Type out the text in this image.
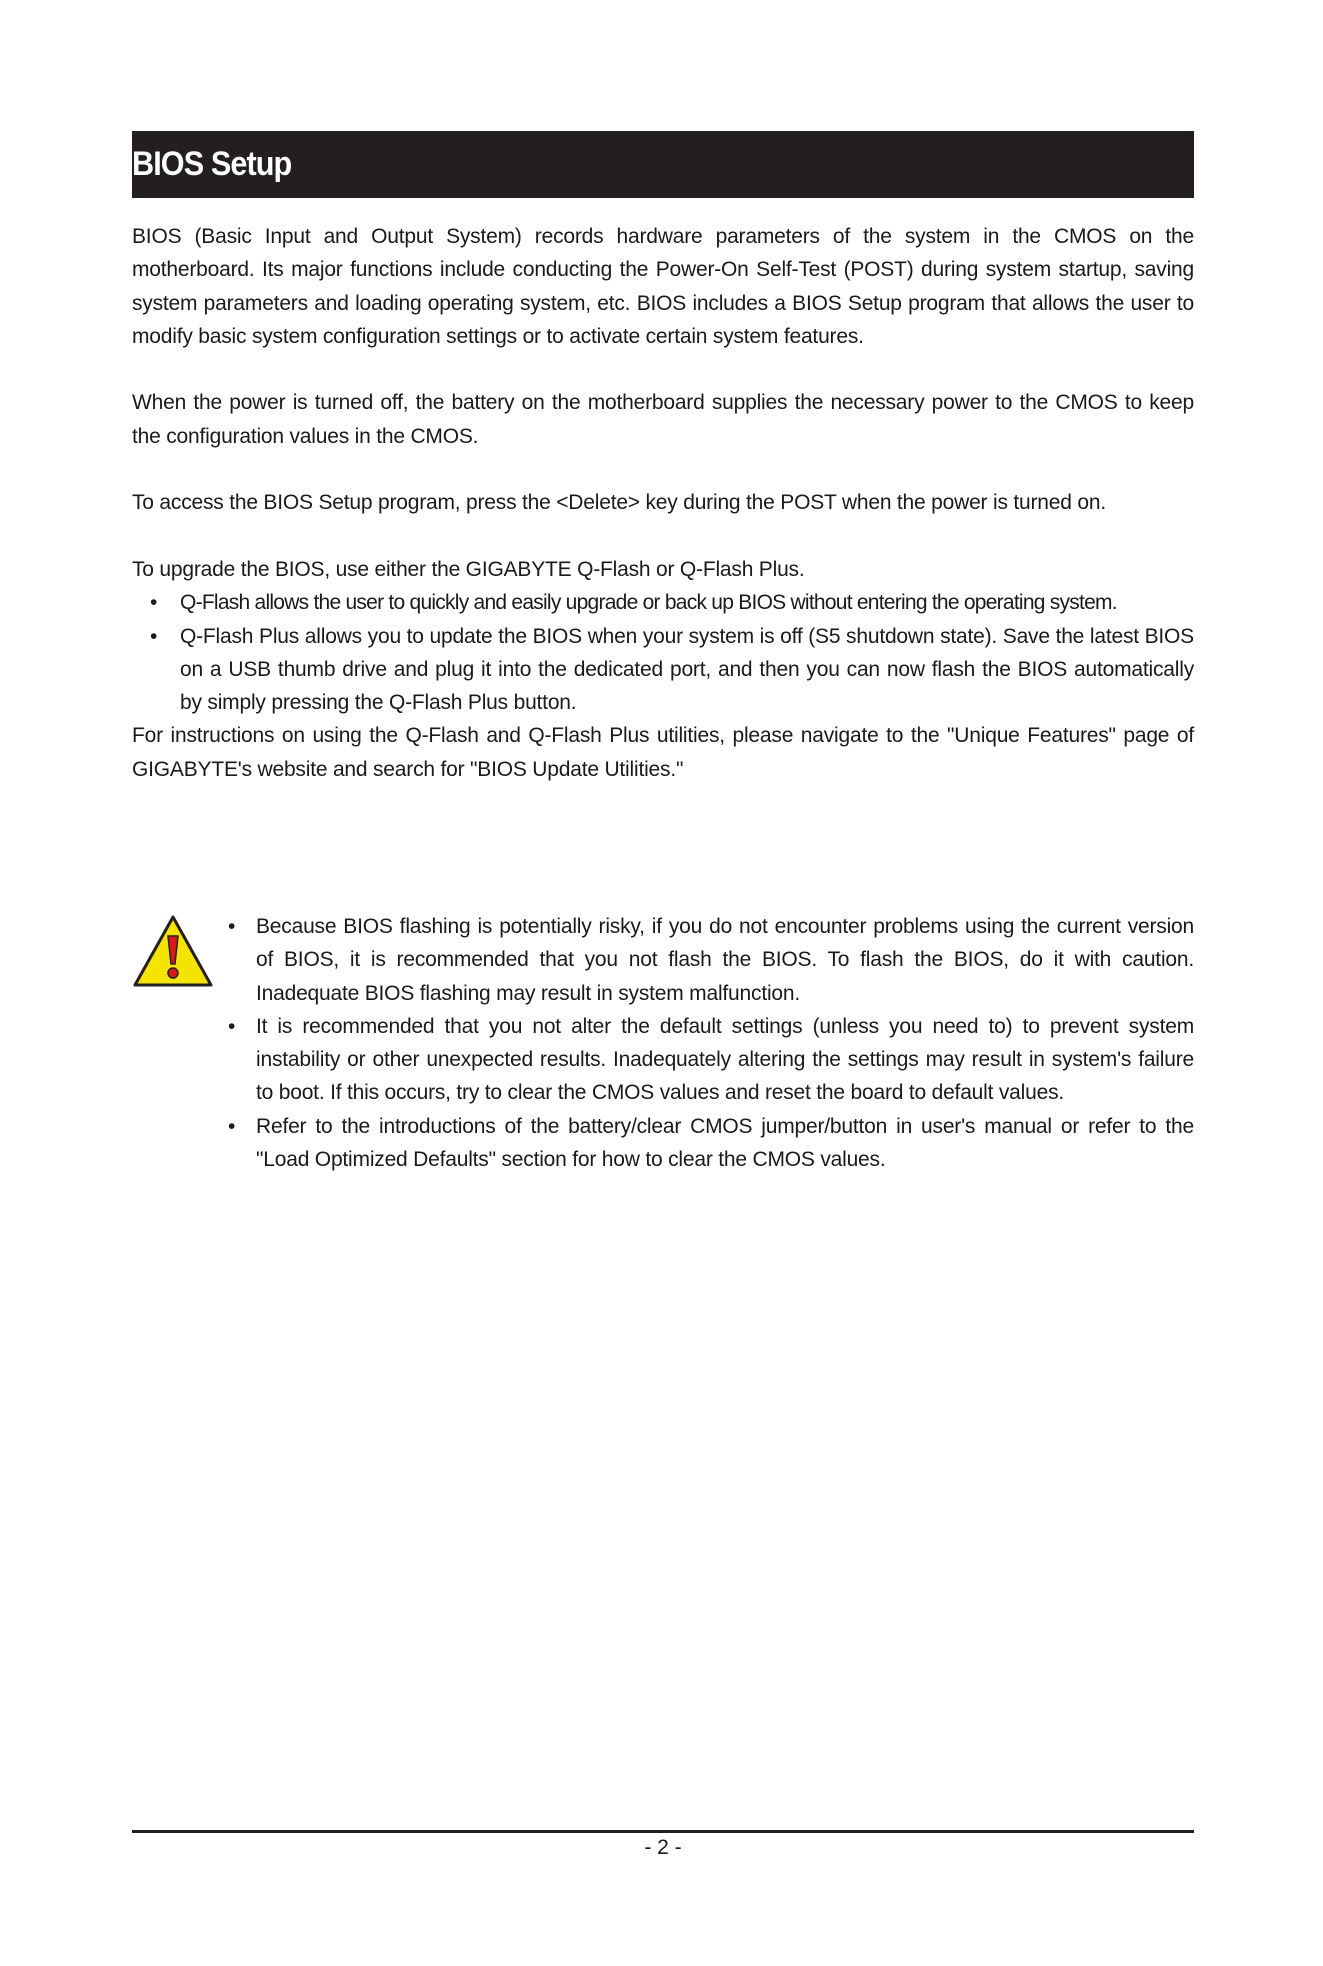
BIOS Setup

BIOS (Basic Input and Output System) records hardware parameters of the system in the CMOS on the motherboard. Its major functions include conducting the Power-On Self-Test (POST) during system startup, saving system parameters and loading operating system, etc. BIOS includes a BIOS Setup program that allows the user to modify basic system configuration settings or to activate certain system features.

When the power is turned off, the battery on the motherboard supplies the necessary power to the CMOS to keep the configuration values in the CMOS.

To access the BIOS Setup program, press the <Delete> key during the POST when the power is turned on.

To upgrade the BIOS, use either the GIGABYTE Q-Flash or Q-Flash Plus.

• Q-Flash allows the user to quickly and easily upgrade or back up BIOS without entering the operating system.
• Q-Flash Plus allows you to update the BIOS when your system is off (S5 shutdown state). Save the latest BIOS on a USB thumb drive and plug it into the dedicated port, and then you can now flash the BIOS automatically by simply pressing the Q-Flash Plus button.

For instructions on using the Q-Flash and Q-Flash Plus utilities, please navigate to the "Unique Features" page of GIGABYTE's website and search for "BIOS Update Utilities."

• Because BIOS flashing is potentially risky, if you do not encounter problems using the current version of BIOS, it is recommended that you not flash the BIOS. To flash the BIOS, do it with caution. Inadequate BIOS flashing may result in system malfunction.
• It is recommended that you not alter the default settings (unless you need to) to prevent system instability or other unexpected results. Inadequately altering the settings may result in system's failure to boot. If this occurs, try to clear the CMOS values and reset the board to default values.
• Refer to the introductions of the battery/clear CMOS jumper/button in user's manual or refer to the "Load Optimized Defaults" section for how to clear the CMOS values.
- 2 -
